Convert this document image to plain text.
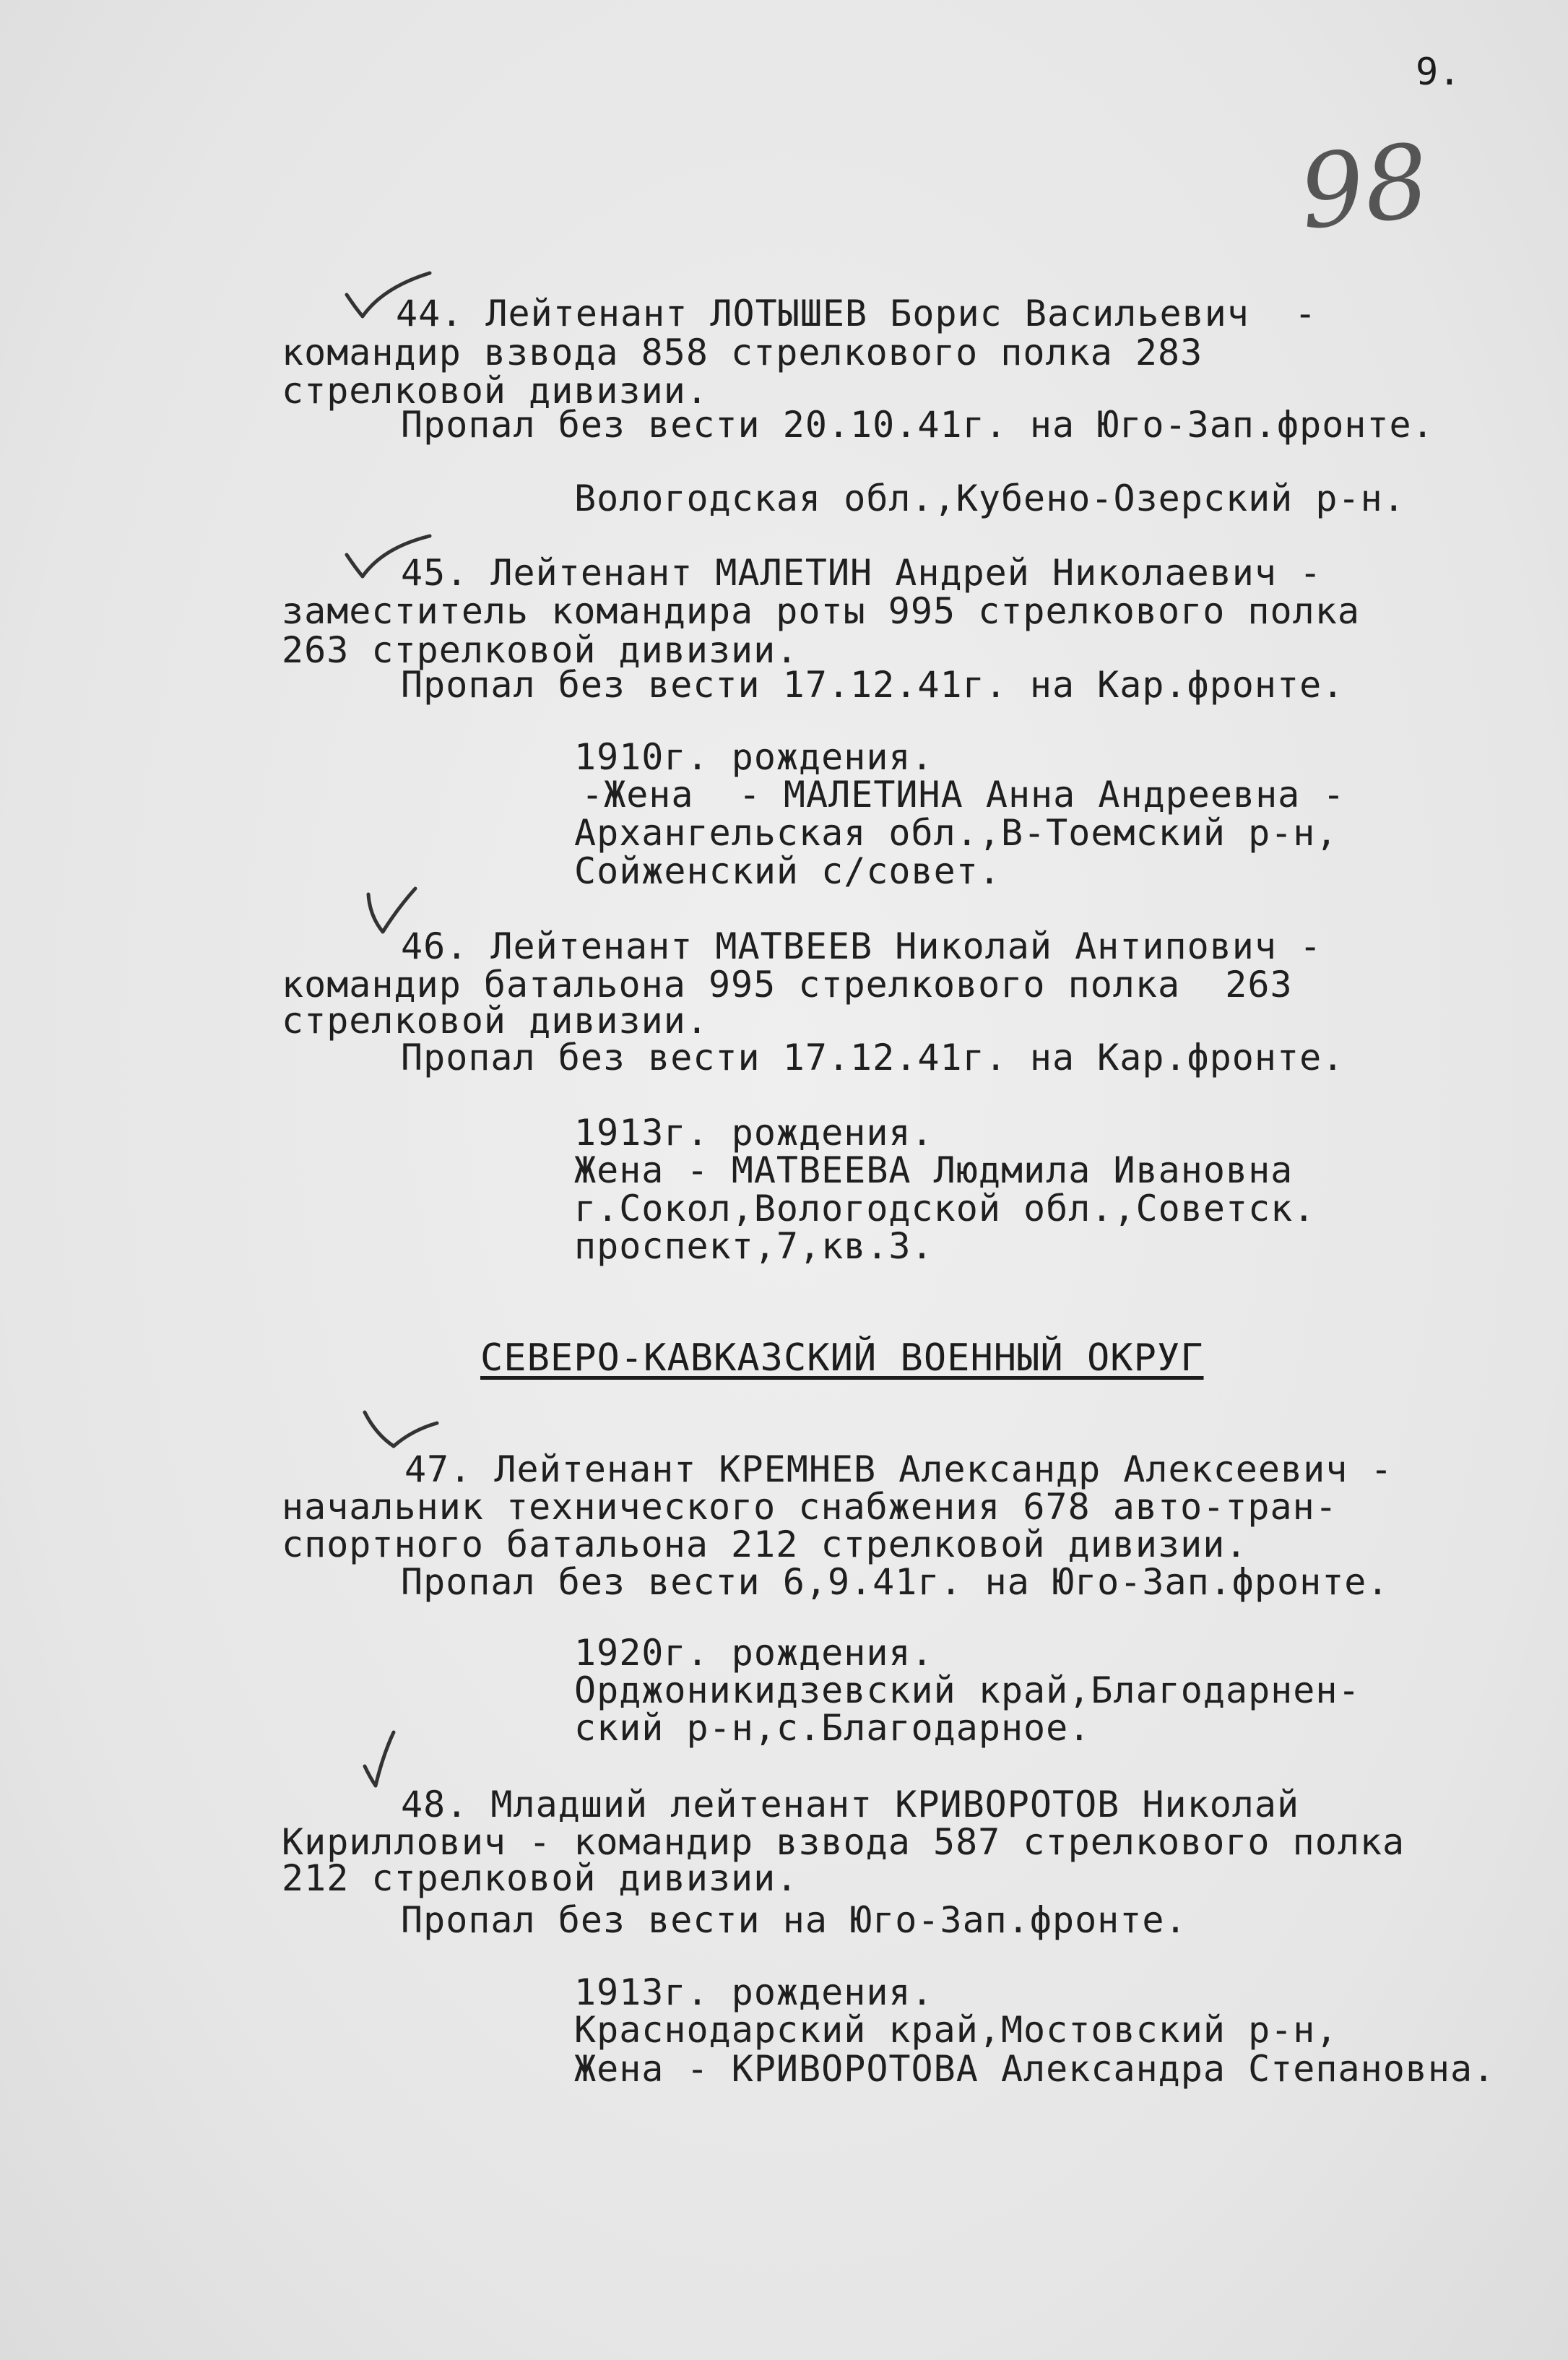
9.
98
44. Лейтенант ЛОТЫШЕВ Борис Васильевич  -
командир взвода 858 стрелкового полка 283
стрелковой дивизии.
Пропал без вести 20.10.41г. на Юго-Зап.фронте.
Вологодская обл.,Кубено-Озерский р-н.
45. Лейтенант МАЛЕТИН Андрей Николаевич -
заместитель командира роты 995 стрелкового полка
263 стрелковой дивизии.
Пропал без вести 17.12.41г. на Кар.фронте.
1910г. рождения.
-Жена  - МАЛЕТИНА Анна Андреевна -
Архангельская обл.,В-Тоемский р-н,
Сойженский с/совет.
46. Лейтенант МАТВЕЕВ Николай Антипович -
командир батальона 995 стрелкового полка  263
стрелковой дивизии.
Пропал без вести 17.12.41г. на Кар.фронте.
1913г. рождения.
Жена - МАТВЕЕВА Людмила Ивановна
г.Сокол,Вологодской обл.,Советск.
проспект,7,кв.3.
СЕВЕРО-КАВКАЗСКИЙ ВОЕННЫЙ ОКРУГ
47. Лейтенант КРЕМНЕВ Александр Алексеевич -
начальник технического снабжения 678 авто-тран-
спортного батальона 212 стрелковой дивизии.
Пропал без вести 6,9.41г. на Юго-Зап.фронте.
1920г. рождения.
Орджоникидзевский край,Благодарнен-
ский р-н,с.Благодарное.
48. Младший лейтенант КРИВОРОТОВ Николай
Кириллович - командир взвода 587 стрелкового полка
212 стрелковой дивизии.
Пропал без вести на Юго-Зап.фронте.
1913г. рождения.
Краснодарский край,Мостовский р-н,
Жена - КРИВОРОТОВА Александра Степановна.
